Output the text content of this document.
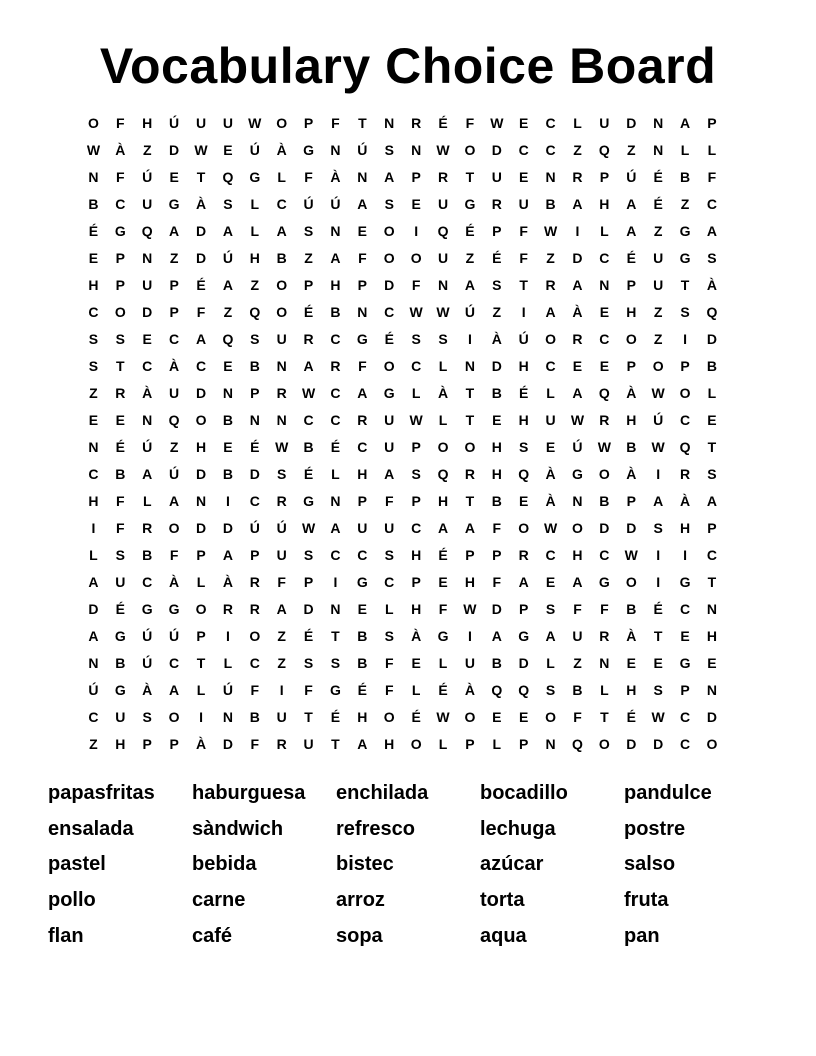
Vocabulary Choice Board
O	F	H	Ú	U	U	W	O	P	F	T	N	R	É	F	W	E	C	L	U	D	N	A	P
W	À	Z	D	W	E	Ú	À	G	N	Ú	S	N	W	O	D	C	C	Z	Q	Z	N	L	L
N	F	Ú	E	T	Q	G	L	F	À	N	A	P	R	T	U	E	N	R	P	Ú	É	B	F
B	C	U	G	À	S	L	C	Ú	Ú	A	S	E	U	G	R	U	B	A	H	A	É	Z	C
É	G	Q	A	D	A	L	A	S	N	E	O	I	Q	É	P	F	W	I	L	A	Z	G	A
E	P	N	Z	D	Ú	H	B	Z	A	F	O	O	U	Z	É	F	Z	D	C	É	U	G	S
H	P	U	P	É	A	Z	O	P	H	P	D	F	N	A	S	T	R	A	N	P	U	T	À
C	O	D	P	F	Z	Q	O	É	B	N	C	W W	Ú	Z	I	A	À	E	H	Z	S	Q
S	S	E	C	A	Q	S	U	R	C	G	É	S	S	I	À	Ú	O	R	C	O	Z	I	D
S	T	C	À	C	E	B	N	A	R	F	O	C	L	N	D	H	C	E	E	P	O	P	B
Z	R	À	U	D	N	P	R	W	C	A	G	L	À	T	B	É	L	A	Q	À	W	O	L
E	E	N	Q	O	B	N	N	C	C	R	U	W	L	T	E	H	U	W	R	H	Ú	C	E
N	É	Ú	Z	H	E	É	W	B	É	C	U	P	O	O	H	S	E	Ú	W	B	W	Q	T
C	B	A	Ú	D	B	D	S	É	L	H	A	S	Q	R	H	Q	À	G	O	À	I	R	S
H	F	L	A	N	I	C	R	G	N	P	F	P	H	T	B	E	À	N	B	P	A	À	A
I	F	R	O	D	D	Ú	Ú	W	A	U	U	C	A	A	F	O	W	O	D	D	S	H	P
L	S	B	F	P	A	P	U	S	C	C	S	H	É	P	P	R	C	H	C	W	I	I	C
A	U	C	À	L	À	R	F	P	I	G	C	P	E	H	F	A	E	A	G	O	I	G	T
D	É	G	G	O	R	R	A	D	N	E	L	H	F	W	D	P	S	F	F	B	É	C	N
A	G	Ú	Ú	P	I	O	Z	É	T	B	S	À	G	I	A	G	A	U	R	À	T	E	H
N	B	Ú	C	T	L	C	Z	S	S	B	F	E	L	U	B	D	L	Z	N	E	E	G	E
Ú	G	À	A	L	Ú	F	I	F	G	É	F	L	É	À	Q	Q	S	B	L	H	S	P	N
C	U	S	O	I	N	B	U	T	É	H	O	É	W	O	E	E	O	F	T	É	W	C	D
Z	H	P	P	À	D	F	R	U	T	A	H	O	L	P	L	P	N	Q	O	D	D	C	O
papasfritas	haburguesa	enchilada	bocadillo	pandulce
ensalada	sàndwich	refresco	lechuga	postre
pastel	bebida	bistec	azúcar	salso
pollo	carne	arroz	torta	fruta
flan	café	sopa	aqua	pan
